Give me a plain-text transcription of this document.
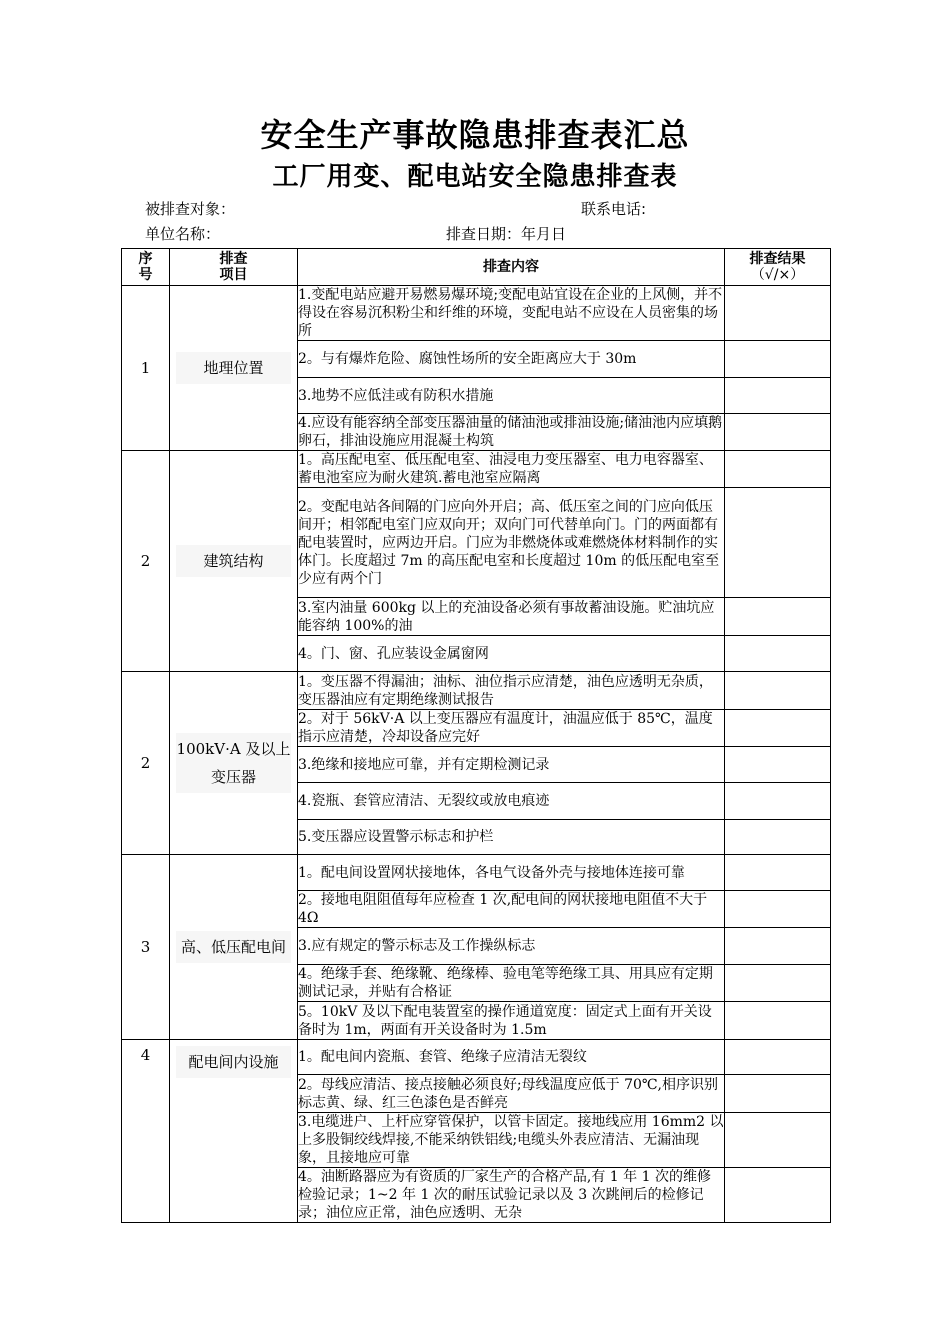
安全生产事故隐患排查表汇总
工厂用变、配电站安全隐患排查表
被排查对象：	联系电话:
单位名称：	排查日期：年月日
序号	排查项目	排查内容	排查结果
（√/×）

1	地理位置	1.变配电站应避开易燃易爆环境;变配电站宜设在企业的上风侧，并不得设在容易沉积粉尘和纤维的环境，变配电站不应设在人员密集的场所	
		2。与有爆炸危险、腐蚀性场所的安全距离应大于 30m	
		3.地势不应低洼或有防积水措施	
		4.应设有能容纳全部变压器油量的储油池或排油设施;储油池内应填鹅卵石，排油设施应用混凝土构筑	
2	建筑结构	1。高压配电室、低压配电室、油浸电力变压器室、电力电容器室、蓄电池室应为耐火建筑.蓄电池室应隔离	
		2。变配电站各间隔的门应向外开启；高、低压室之间的门应向低压间开；相邻配电室门应双向开；双向门可代替单向门。门的两面都有配电装置时，应两边开启。门应为非燃烧体或难燃烧体材料制作的实体门。长度超过 7m 的高压配电室和长度超过 10m 的低压配电室至少应有两个门	
		3.室内油量 600kg 以上的充油设备必须有事故蓄油设施。贮油坑应能容纳 100%的油	
		4。门、窗、孔应装设金属窗网	
2	100kV·A 及以上变压器	1。变压器不得漏油；油标、油位指示应清楚，油色应透明无杂质，变压器油应有定期绝缘测试报告	
		2。对于 56kV·A 以上变压器应有温度计，油温应低于 85℃，温度指示应清楚，冷却设备应完好	
		3.绝缘和接地应可靠，并有定期检测记录	
		4.瓷瓶、套管应清洁、无裂纹或放电痕迹	
		5.变压器应设置警示标志和护栏	
3	高、低压配电间	1。配电间设置网状接地体，各电气设备外壳与接地体连接可靠	
		2。接地电阻阻值每年应检查 1 次,配电间的网状接地电阻值不大于 4Ω	
		3.应有规定的警示标志及工作操纵标志	
		4。绝缘手套、绝缘靴、绝缘棒、验电笔等绝缘工具、用具应有定期测试记录，并贴有合格证	
		5。10kV 及以下配电装置室的操作通道宽度：固定式上面有开关设备时为 1m，两面有开关设备时为 1.5m	
4	配电间内设施	1。配电间内瓷瓶、套管、绝缘子应清洁无裂纹	
		2。母线应清洁、接点接触必须良好;母线温度应低于 70℃,相序识别标志黄、绿、红三色漆色是否鲜亮	
		3.电缆进户、上杆应穿管保护，以管卡固定。接地线应用 16mm2 以上多股铜绞线焊接,不能采纳铁铝线;电缆头外表应清洁、无漏油现象，且接地应可靠	
		4。油断路器应为有资质的厂家生产的合格产品,有 1 年 1 次的维修检验记录；1~2 年 1 次的耐压试验记录以及 3 次跳闸后的检修记录；油位应正常，油色应透明、无杂	
